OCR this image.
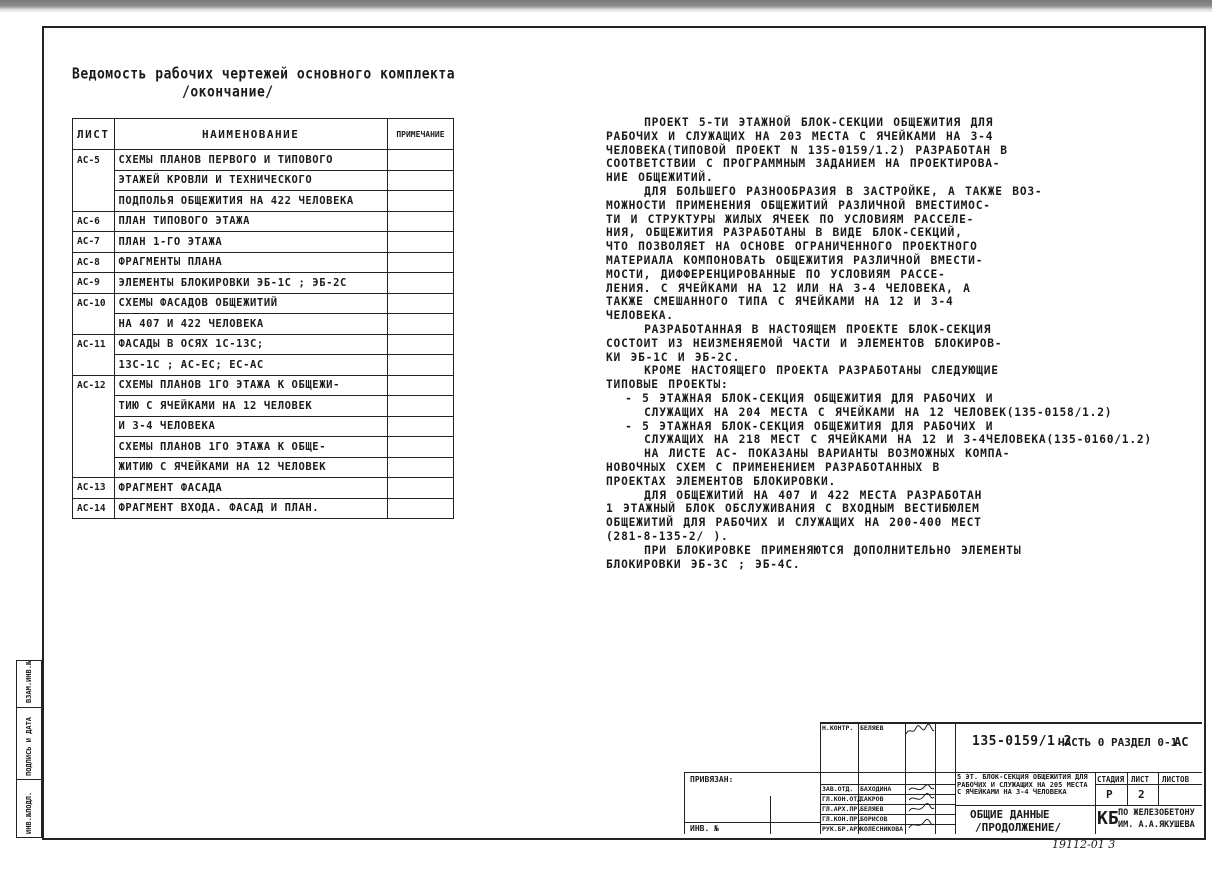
Ведомость рабочих чертежей основного комплекта
/окончание/
ЛИСТ	НАИМЕНОВАНИЕ	ПРИМЕЧАНИЕ
АС-5	СХЕМЫ ПЛАНОВ ПЕРВОГО И ТИПОВОГО	
	ЭТАЖЕЙ КРОВЛИ И ТЕХНИЧЕСКОГО	
	ПОДПОЛЬЯ ОБЩЕЖИТИЯ НА 422 ЧЕЛОВЕКА	
АС-6	ПЛАН ТИПОВОГО ЭТАЖА	
АС-7	ПЛАН 1-ГО ЭТАЖА	
АС-8	ФРАГМЕНТЫ ПЛАНА	
АС-9	ЭЛЕМЕНТЫ БЛОКИРОВКИ ЭБ-1С ; ЭБ-2С	
АС-10	СХЕМЫ ФАСАДОВ ОБЩЕЖИТИЙ	
	НА 407 И 422 ЧЕЛОВЕКА	
АС-11	ФАСАДЫ В ОСЯХ 1С-13С;	
	13С-1С ; АС-ЕС; ЕС-АС	
АС-12	СХЕМЫ ПЛАНОВ 1ГО ЭТАЖА К ОБЩЕЖИ-	
	ТИЮ С ЯЧЕЙКАМИ НА 12 ЧЕЛОВЕК	
	И 3-4 ЧЕЛОВЕКА	
	СХЕМЫ ПЛАНОВ 1ГО ЭТАЖА К ОБЩЕ-	
	ЖИТИЮ С ЯЧЕЙКАМИ НА 12 ЧЕЛОВЕК	
АС-13	ФРАГМЕНТ ФАСАДА	
АС-14	ФРАГМЕНТ ВХОДА. ФАСАД И ПЛАН.	
ПРОЕКТ 5-ТИ ЭТАЖНОЙ БЛОК-СЕКЦИИ ОБЩЕЖИТИЯ ДЛЯ
РАБОЧИХ И СЛУЖАЩИХ НА 203 МЕСТА С ЯЧЕЙКАМИ НА 3-4
ЧЕЛОВЕКА(ТИПОВОЙ ПРОЕКТ N 135-0159/1.2) РАЗРАБОТАН В
СООТВЕТСТВИИ С ПРОГРАММНЫМ ЗАДАНИЕМ НА ПРОЕКТИРОВА-
НИЕ ОБЩЕЖИТИЙ.
ДЛЯ БОЛЬШЕГО РАЗНООБРАЗИЯ В ЗАСТРОЙКЕ, А ТАКЖЕ ВОЗ-
МОЖНОСТИ ПРИМЕНЕНИЯ ОБЩЕЖИТИЙ РАЗЛИЧНОЙ ВМЕСТИМОС-
ТИ И СТРУКТУРЫ ЖИЛЫХ ЯЧЕЕК ПО УСЛОВИЯМ РАССЕЛЕ-
НИЯ, ОБЩЕЖИТИЯ РАЗРАБОТАНЫ В ВИДЕ БЛОК-СЕКЦИЙ,
ЧТО ПОЗВОЛЯЕТ НА ОСНОВЕ ОГРАНИЧЕННОГО ПРОЕКТНОГО
МАТЕРИАЛА КОМПОНОВАТЬ ОБЩЕЖИТИЯ РАЗЛИЧНОЙ ВМЕСТИ-
МОСТИ, ДИФФЕРЕНЦИРОВАННЫЕ ПО УСЛОВИЯМ РАССЕ-
ЛЕНИЯ. С ЯЧЕЙКАМИ НА 12 ИЛИ НА 3-4 ЧЕЛОВЕКА, А
ТАКЖЕ СМЕШАННОГО ТИПА С ЯЧЕЙКАМИ НА 12 И 3-4
ЧЕЛОВЕКА.
РАЗРАБОТАННАЯ В НАСТОЯЩЕМ ПРОЕКТЕ БЛОК-СЕКЦИЯ
СОСТОИТ ИЗ НЕИЗМЕНЯЕМОЙ ЧАСТИ И ЭЛЕМЕНТОВ БЛОКИРОВ-
КИ ЭБ-1С И ЭБ-2С.
КРОМЕ НАСТОЯЩЕГО ПРОЕКТА РАЗРАБОТАНЫ СЛЕДУЮЩИЕ
ТИПОВЫЕ ПРОЕКТЫ:
- 5 ЭТАЖНАЯ БЛОК-СЕКЦИЯ ОБЩЕЖИТИЯ ДЛЯ РАБОЧИХ И
СЛУЖАЩИХ НА 204 МЕСТА С ЯЧЕЙКАМИ НА 12 ЧЕЛОВЕК(135-0158/1.2)
- 5 ЭТАЖНАЯ БЛОК-СЕКЦИЯ ОБЩЕЖИТИЯ ДЛЯ РАБОЧИХ И
СЛУЖАЩИХ НА 218 МЕСТ С ЯЧЕЙКАМИ НА 12 И 3-4ЧЕЛОВЕКА(135-0160/1.2)
НА ЛИСТЕ АС- ПОКАЗАНЫ ВАРИАНТЫ ВОЗМОЖНЫХ КОМПА-
НОВОЧНЫХ СХЕМ С ПРИМЕНЕНИЕМ РАЗРАБОТАННЫХ В
ПРОЕКТАХ ЭЛЕМЕНТОВ БЛОКИРОВКИ.
ДЛЯ ОБЩЕЖИТИЙ НА 407 И 422 МЕСТА РАЗРАБОТАН
1 ЭТАЖНЫЙ БЛОК ОБСЛУЖИВАНИЯ С ВХОДНЫМ ВЕСТИБЮЛЕМ
ОБЩЕЖИТИЙ ДЛЯ РАБОЧИХ И СЛУЖАЩИХ НА 200-400 МЕСТ
(281-8-135-2/ ).
ПРИ БЛОКИРОВКЕ ПРИМЕНЯЮТСЯ ДОПОЛНИТЕЛЬНО ЭЛЕМЕНТЫ
БЛОКИРОВКИ ЭБ-3С ; ЭБ-4С.
ВЗАМ.ИНВ.№
ПОДПИСЬ И ДАТА
ИНВ.№ПОДЛ.
ПРИВЯЗАН:
ИНВ. №
Н.КОНТР. БЕЛЯЕВ
ЗАВ.ОТД. БАХОДИНА
ГЛ.КОН.ОТД.
ТАКРОВ
ГЛ.АРХ.ПР.
БЕЛЯЕВ
ГЛ.КОН.ПР.
БОРИСОВ
РУК.БР.АРХ.
КОЛЕСНИКОВА
135-0159/1.2
ЧАСТЬ 0 РАЗДЕЛ 0-1
АС
5 ЭТ. БЛОК-СЕКЦИЯ ОБЩЕЖИТИЯ ДЛЯ РАБОЧИХ И СЛУЖАЩИХ НА 205 МЕСТА С ЯЧЕЙКАМИ НА 3-4 ЧЕЛОВЕКА
ОБЩИЕ ДАННЫЕ
/ПРОДОЛЖЕНИЕ/
СТАДИЯ ЛИСТ ЛИСТОВ
Р 2
КБ ПО ЖЕЛЕЗОБЕТОНУ
ИМ. А.А.ЯКУШЕВА
19112-01 3
